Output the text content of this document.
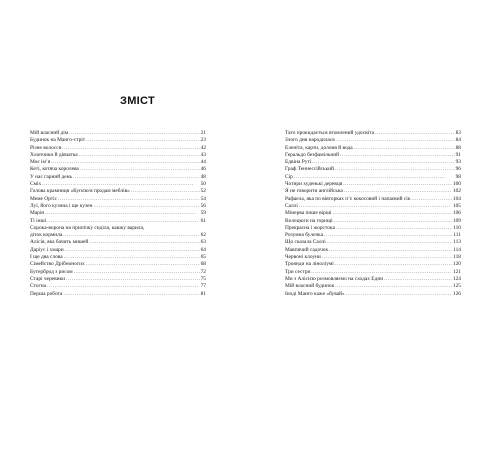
ЗМІСТ
Мій власний дім . . .	21
Будинок на Манго-стріт . . .	23
Різне волосся . . .	42
Хлопчики й дівчатка . . .	43
Моє ім’я . . .	44
Кеті, котяча королева . . .	46
У нас гарний день . . .	48
Сміх . . .	50
Голова крамниця «Куплю/я продам меблів» . . .	52
Меме Ортіс . . .	54
Луї, його кузина і ще кузен . . .	56
Марін . . .	59
Ті інші . . .	61
Сорока-ворона на припічку сиділа, кашку варила,
діток кормила . . .	62
Алісія, яка бачить мишей . . .	63
Даріус і хмари . . .	64
І ще два слова . . .	65
Сімейство Дрібноногих . . .	68
Бутерброд з рисом . . .	72
Старі черевики . . .	75
Стогна . . .	77
Перша робота . . .	81
Тато прокидається втомлений удосвіта . . .	83
Злого дня народилася . . .	84
Еленіта, карти, долоня й вода . . .	88
Геральдо безфамільний . . .	91
Едвіна Руті . . .	93
Граф Теннессійський . . .	96
Сір . . .	98
Чотири худенькі деревця . . .	100
Я не говорити англійська . . .	102
Рафаела, яка по вівторках п’є кокосовий і папаєвий сік . . .	104
Саллі . . .	105
Мінерва пише вірші . . .	106
Волоцюги на горищі . . .	109
Прекрасна і жорстока . . .	110
Розумна булочка . . .	111
Що сказала Саллі . . .	113
Мавпячий садочок . . .	114
Червоні клоуни . . .	118
Троянди на ліноліумі . . .	120
Три сестри . . .	121
Ми з Алісією розмовляємо на сходах Едни . . .	124
Мій власний будинок . . .	125
Іноді Манго каже «бувай» . . .	126
